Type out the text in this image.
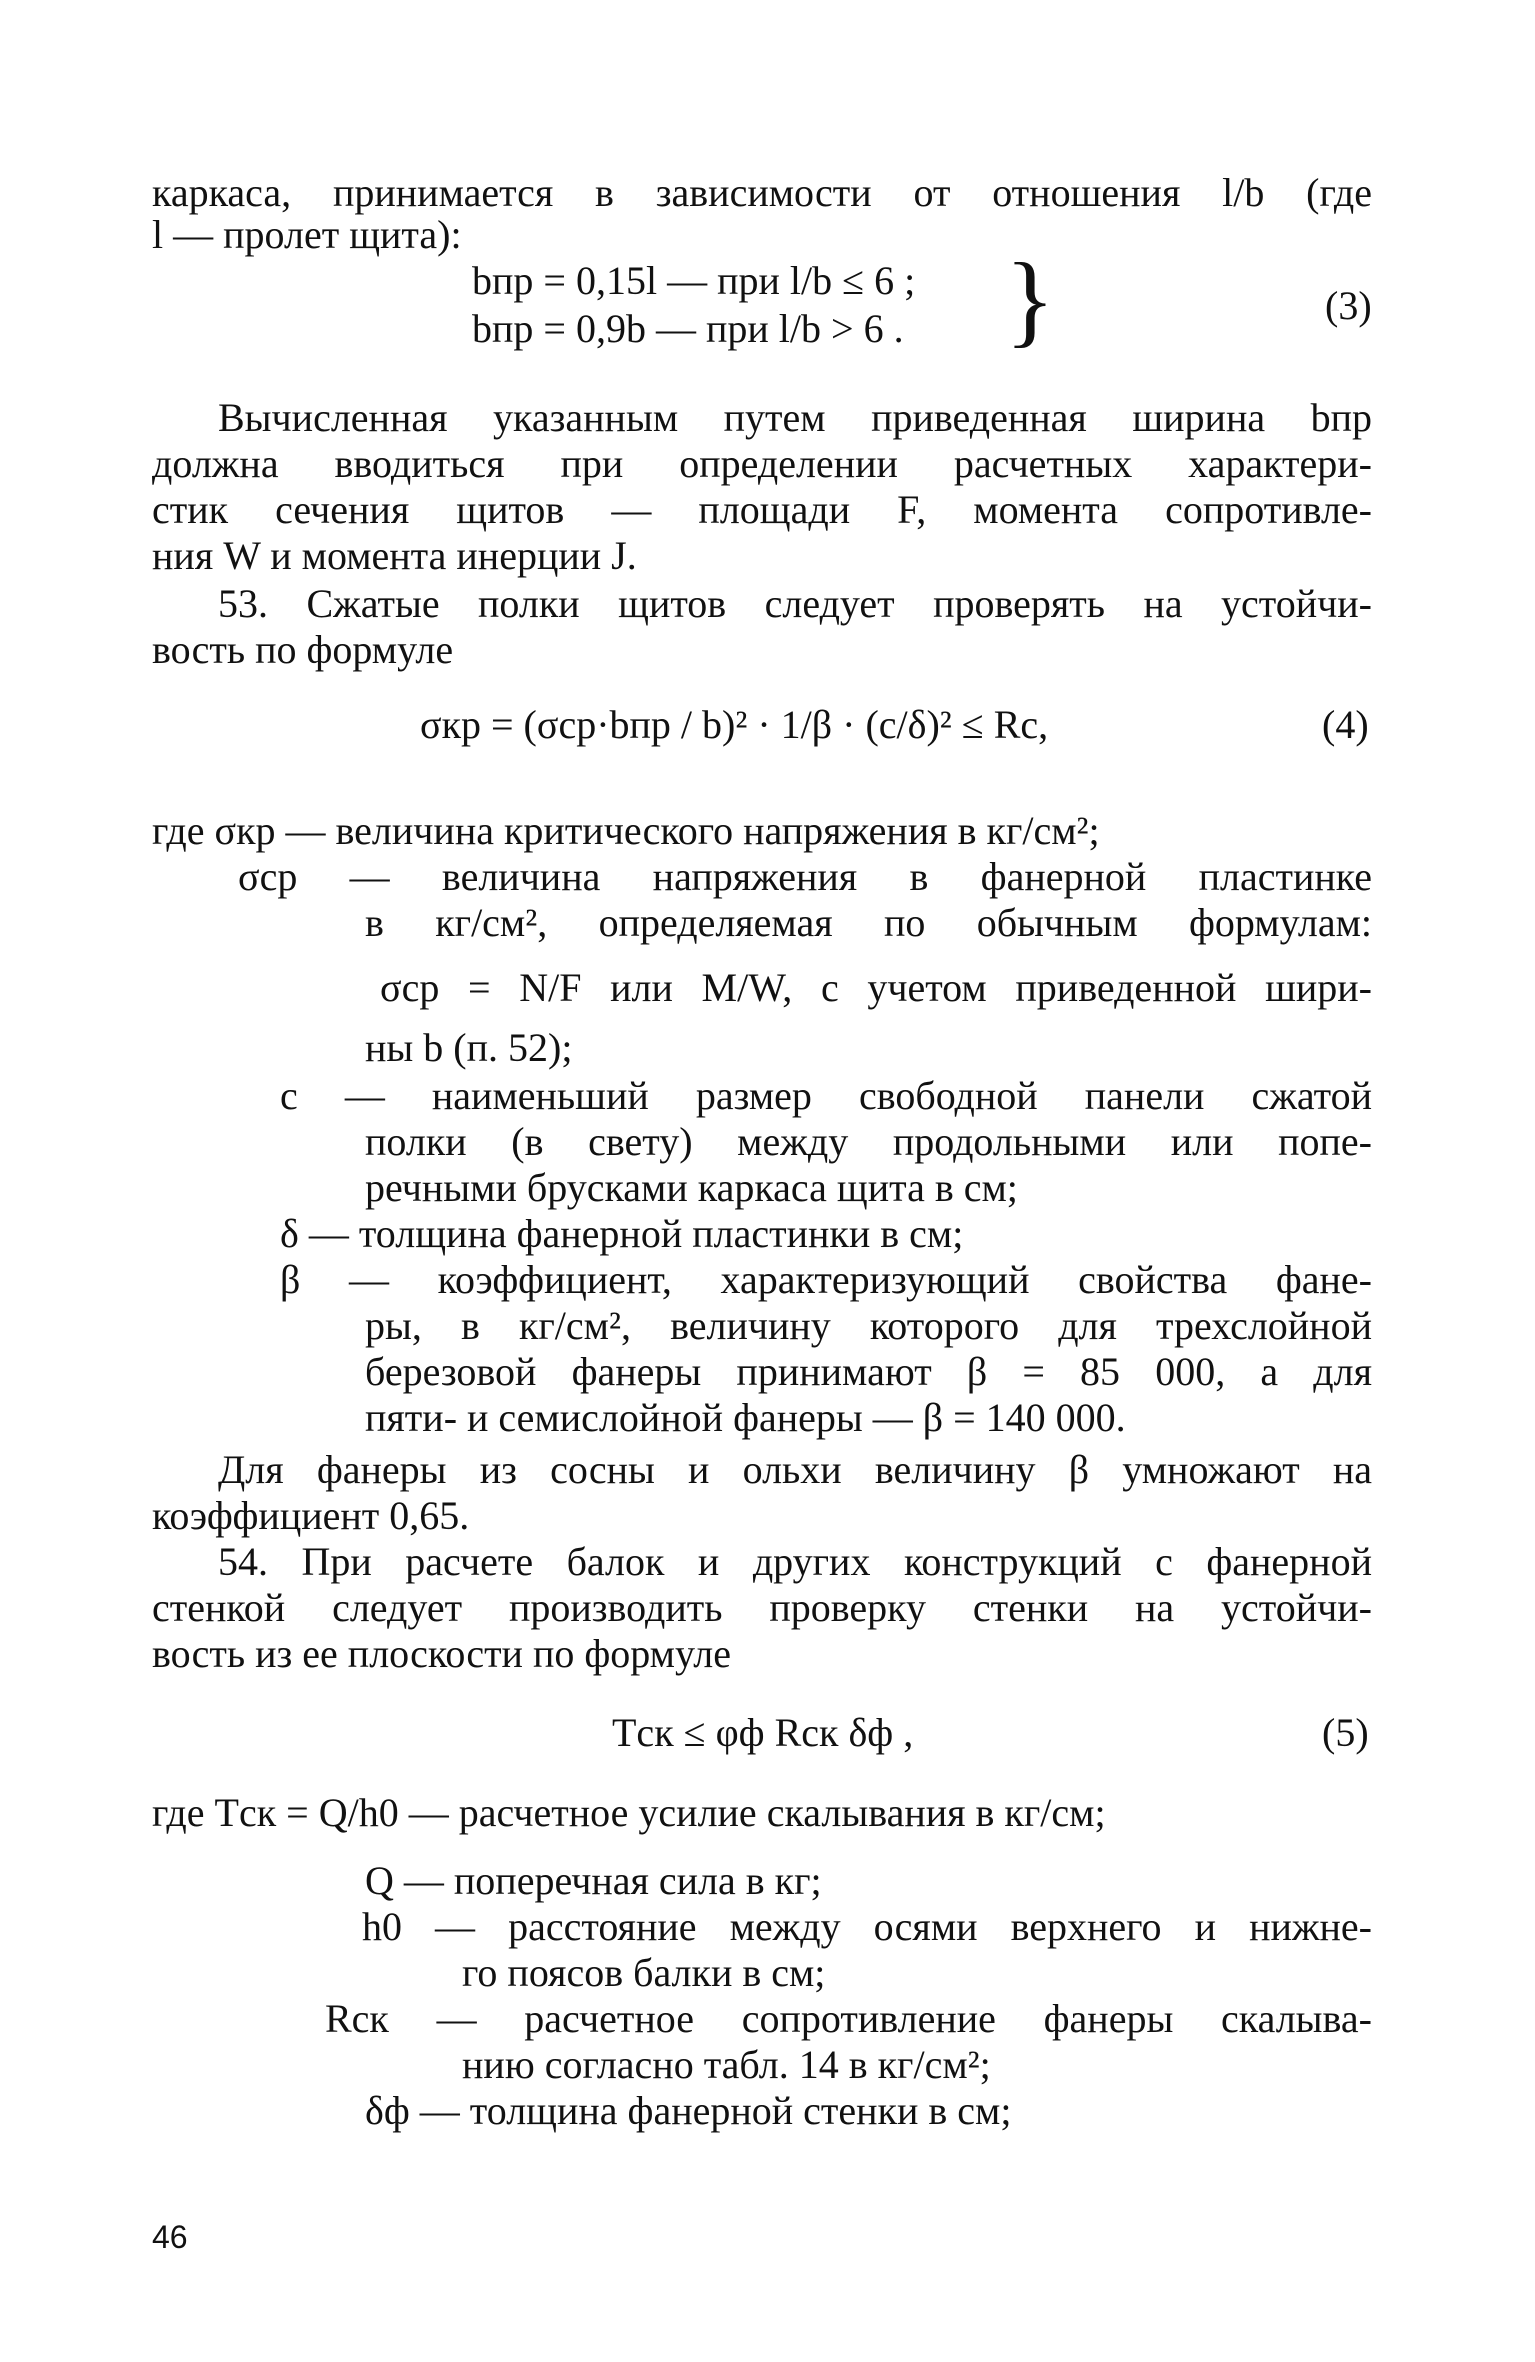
каркаса, принимается в зависимости от отношения l/b (где
l — пролет щита):
bпр = 0,15l — при l/b ≤ 6 ;
bпр = 0,9b — при l/b > 6 . }	(3)
Вычисленная указанным путем приведенная ширина bпр
должна вводиться при определении расчетных характери-
стик сечения щитов — площади F, момента сопротивле-
ния W и момента инерции J.
53. Сжатые полки щитов следует проверять на устойчи-
вость по формуле
σкр = (σср·bпр / b)² · 1/β · (c/δ)² ≤ Rс,	(4)
где σкр — величина критического напряжения в кг/см²;
σср — величина напряжения в фанерной пластинке
в кг/см², определяемая по обычным формулам:
σср = N/F или M/W, с учетом приведенной шири-
ны b (п. 52);
c — наименьший размер свободной панели сжатой
полки (в свету) между продольными или попе-
речными брусками каркаса щита в см;
δ — толщина фанерной пластинки в см;
β — коэффициент, характеризующий свойства фане-
ры, в кг/см², величину которого для трехслойной
березовой фанеры принимают β = 85 000, а для
пяти- и семислойной фанеры — β = 140 000.
Для фанеры из сосны и ольхи величину β умножают на
коэффициент 0,65.
54. При расчете балок и других конструкций с фанерной
стенкой следует производить проверку стенки на устойчи-
вость из ее плоскости по формуле
Tск ≤ φф Rск δф ,	(5)
где Tск = Q/h0 — расчетное усилие скалывания в кг/см;
Q — поперечная сила в кг;
h0 — расстояние между осями верхнего и нижне-
го поясов балки в см;
Rск — расчетное сопротивление фанеры скалыва-
нию согласно табл. 14 в кг/см²;
δф — толщина фанерной стенки в см;
46
